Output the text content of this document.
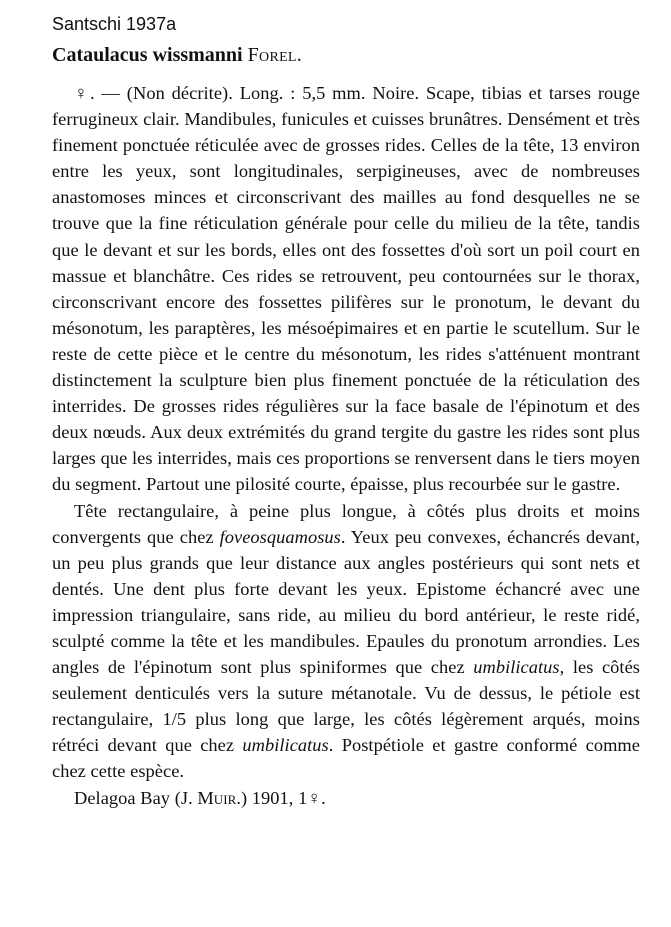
Santschi 1937a
Cataulacus wissmanni Forel.

♀. — (Non décrite). Long. : 5,5 mm. Noire. Scape, tibias et tarses rouge ferrugineux clair. Mandibules, funicules et cuisses brunâtres. Densément et très finement ponctuée réticulée avec de grosses rides. Celles de la tête, 13 environ entre les yeux, sont longitudinales, serpigineuses, avec de nombreuses anastomoses minces et circonscrivant des mailles au fond desquelles ne se trouve que la fine réticulation générale pour celle du milieu de la tête, tandis que le devant et sur les bords, elles ont des fossettes d'où sort un poil court en massue et blanchâtre. Ces rides se retrouvent, peu contournées sur le thorax, circonscrivant encore des fossettes pilifères sur le pronotum, le devant du mésonotum, les paraptères, les mésoépimaires et en partie le scutellum. Sur le reste de cette pièce et le centre du mésonotum, les rides s'atténuent montrant distinctement la sculpture bien plus finement ponctuée de la réticulation des interrides. De grosses rides régulières sur la face basale de l'épinotum et des deux nœuds. Aux deux extrémités du grand tergite du gastre les rides sont plus larges que les interrides, mais ces proportions se renversent dans le tiers moyen du segment. Partout une pilosité courte, épaisse, plus recourbée sur le gastre.

Tête rectangulaire, à peine plus longue, à côtés plus droits et moins convergents que chez foveosquamosus. Yeux peu convexes, échancrés devant, un peu plus grands que leur distance aux angles postérieurs qui sont nets et dentés. Une dent plus forte devant les yeux. Epistome échancré avec une impression triangulaire, sans ride, au milieu du bord antérieur, le reste ridé, sculpté comme la tête et les mandibules. Epaules du pronotum arrondies. Les angles de l'épinotum sont plus spiniformes que chez umbilicatus, les côtés seulement denticulés vers la suture métanotale. Vu de dessus, le pétiole est rectangulaire, 1/5 plus long que large, les côtés légèrement arqués, moins rétréci devant que chez umbilicatus. Postpétiole et gastre conformé comme chez cette espèce.

Delagoa Bay (J. Muir.) 1901, 1♀.
